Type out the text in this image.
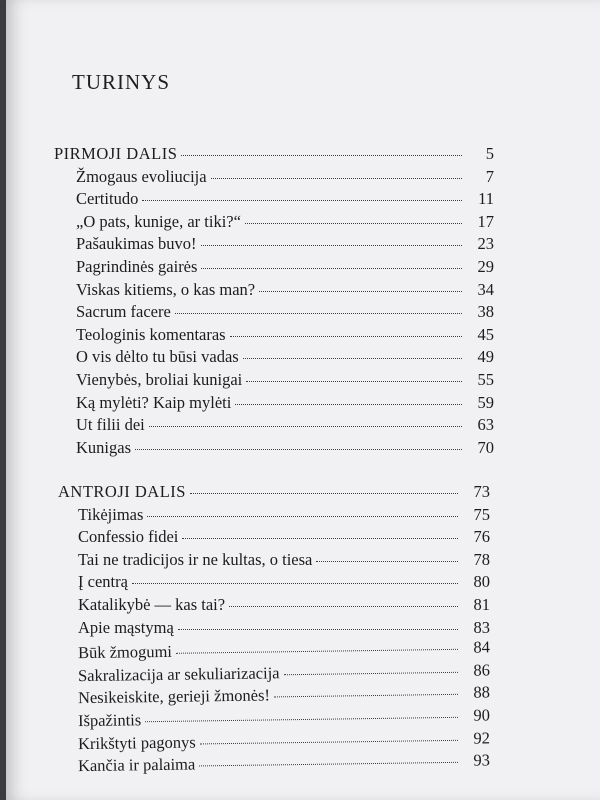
TURINYS
PIRMOJI DALIS	5
Žmogaus evoliucija	7
Certitudo	11
„O pats, kunige, ar tiki?“	17
Pašaukimas buvo!	23
Pagrindinės gairės	29
Viskas kitiems, o kas man?	34
Sacrum facere	38
Teologinis komentaras	45
O vis dėlto tu būsi vadas	49
Vienybės, broliai kunigai	55
Ką mylėti? Kaip mylėti	59
Ut filii dei	63
Kunigas	70
ANTROJI DALIS	73
Tikėjimas	75
Confessio fidei	76
Tai ne tradicijos ir ne kultas, o tiesa	78
Į centrą	80
Katalikybė — kas tai?	81
Apie mąstymą	83
Būk žmogumi	84
Sakralizacija ar sekuliarizacija	86
Nesikeiskite, gerieji žmonės!	88
Išpažintis	90
Krikštyti pagonys	92
Kančia ir palaima	93
